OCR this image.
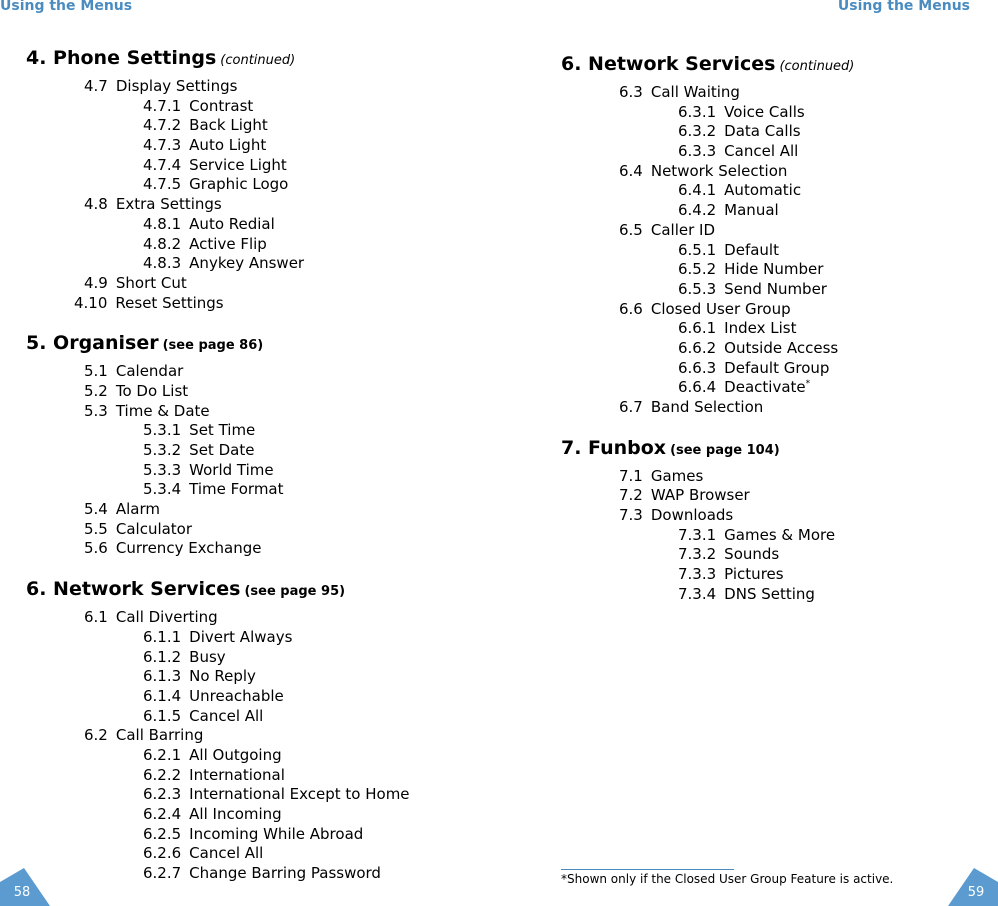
Using the Menus	Using the Menus
4. Phone Settings (continued)
4.7 Display Settings
4.7.1 Contrast
4.7.2 Back Light
4.7.3 Auto Light
4.7.4 Service Light
4.7.5 Graphic Logo
4.8 Extra Settings
4.8.1 Auto Redial
4.8.2 Active Flip
4.8.3 Anykey Answer
4.9 Short Cut
4.10 Reset Settings
5. Organiser (see page 86)
5.1 Calendar
5.2 To Do List
5.3 Time & Date
5.3.1 Set Time
5.3.2 Set Date
5.3.3 World Time
5.3.4 Time Format
5.4 Alarm
5.5 Calculator
5.6 Currency Exchange
6. Network Services (see page 95)
6.1 Call Diverting
6.1.1 Divert Always
6.1.2 Busy
6.1.3 No Reply
6.1.4 Unreachable
6.1.5 Cancel All
6.2 Call Barring
6.2.1 All Outgoing
6.2.2 International
6.2.3 International Except to Home
6.2.4 All Incoming
6.2.5 Incoming While Abroad
6.2.6 Cancel All
6.2.7 Change Barring Password
6. Network Services (continued)
6.3 Call Waiting
6.3.1 Voice Calls
6.3.2 Data Calls
6.3.3 Cancel All
6.4 Network Selection
6.4.1 Automatic
6.4.2 Manual
6.5 Caller ID
6.5.1 Default
6.5.2 Hide Number
6.5.3 Send Number
6.6 Closed User Group
6.6.1 Index List
6.6.2 Outside Access
6.6.3 Default Group
6.6.4 Deactivate*
6.7 Band Selection
7. Funbox (see page 104)
7.1 Games
7.2 WAP Browser
7.3 Downloads
7.3.1 Games & More
7.3.2 Sounds
7.3.3 Pictures
7.3.4 DNS Setting
*Shown only if the Closed User Group Feature is active.
58	59
